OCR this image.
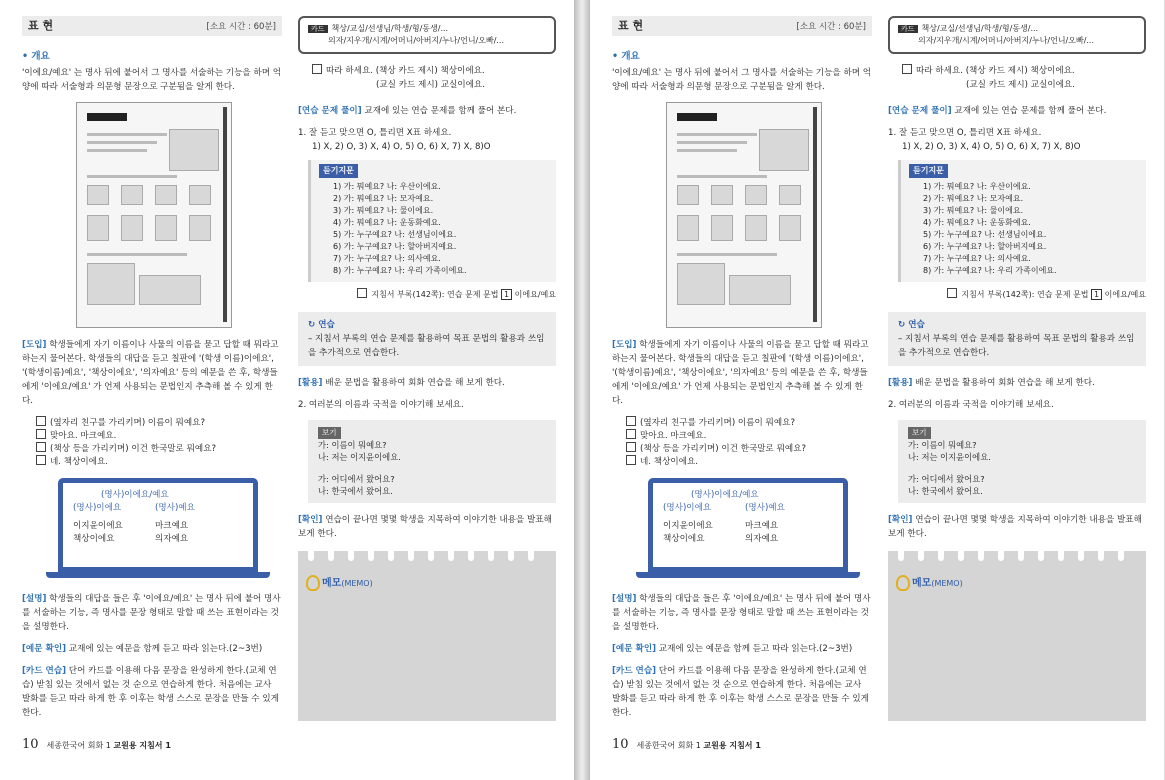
표 현	[소요 시간 : 60분]
• 개요

'이에요/예요' 는 명사 뒤에 붙어서 그 명사를 서술하는 기능을 하며 억양에 따라 서술형과 의문형 문장으로 구분됨을 알게 한다.

[도입] 학생들에게 자기 이름이나 사물의 이름을 묻고 답할 때 뭐라고 하는지 물어본다. 학생들의 대답을 듣고 칠판에 '(학생 이름)이에요', '(학생이름)예요', '책상이에요', '의자예요' 등의 예문을 쓴 후, 학생들에게 '이에요/예요' 가 언제 사용되는 문법인지 추측해 볼 수 있게 한다.

(옆자리 친구를 가리키며) 이름이 뭐예요?
맞아요. 마크예요.
(책상 등을 가리키며) 이건 한국말로 뭐예요?
네. 책상이에요.
(명사)이에요/예요
(명사)이에요	(명사)예요
이지윤이에요	마크예요
책상이에요	의자예요

[설명] 학생들의 대답을 들은 후 '이에요/예요' 는 명사 뒤에 붙어 명사를 서술하는 기능, 즉 명사를 문장 형태로 말할 때 쓰는 표현이라는 것을 설명한다.

[예문 확인] 교재에 있는 예문을 함께 듣고 따라 읽는다.(2~3번)

[카드 연습] 단어 카드를 이용해 다음 문장을 완성하게 한다.(교체 연습) 받침 있는 것에서 없는 것 순으로 연습하게 한다. 처음에는 교사 발화를 듣고 따라 하게 한 후 이후는 학생 스스로 문장을 만들 수 있게 한다.

카드 책상/교실/선생님/학생/형/동생/...
의자/지우개/시계/어머니/아버지/누나/언니/오빠/...
따라 하세요. (책상 카드 제시) 책상이에요.
(교실 카드 제시) 교실이에요.

[연습 문제 풀이] 교재에 있는 연습 문제를 함께 풀어 본다.

1. 잘 듣고 맞으면 O, 틀리면 X표 하세요.
1) X, 2) O, 3) X, 4) O, 5) O, 6) X, 7) X, 8)O
듣기지문
1) 가: 뭐예요? 나: 우산이에요.
2) 가: 뭐예요? 나: 모자예요.
3) 가: 뭐예요? 나: 물이에요.
4) 가: 뭐예요? 나: 운동화예요.
5) 가: 누구예요? 나: 선생님이에요.
6) 가: 누구예요? 나: 할아버지예요.
7) 가: 누구예요? 나: 의사예요.
8) 가: 누구예요? 나: 우리 가족이에요.
지침서 부록(142쪽): 연습 문제 문법 1 이에요/예요
↻ 연습
– 지침서 부록의 연습 문제를 활용하여 목표 문법의 활용과 쓰임을 추가적으로 연습한다.

[활용] 배운 문법을 활용하여 회화 연습을 해 보게 한다.

2. 여러분의 이름과 국적을 이야기해 보세요.
보기
가: 이름이 뭐예요?
나: 저는 이지윤이에요.
가: 어디에서 왔어요?
나: 한국에서 왔어요.

[확인] 연습이 끝나면 몇몇 학생을 지목하여 이야기한 내용을 발표해 보게 한다.

메모(MEMO)
10 세종한국어 회화 1 교원용 지침서 1
표 현	[소요 시간 : 60분]
• 개요

'이에요/예요' 는 명사 뒤에 붙어서 그 명사를 서술하는 기능을 하며 억양에 따라 서술형과 의문형 문장으로 구분됨을 알게 한다.

[도입] 학생들에게 자기 이름이나 사물의 이름을 묻고 답할 때 뭐라고 하는지 물어본다. 학생들의 대답을 듣고 칠판에 '(학생 이름)이에요', '(학생이름)예요', '책상이에요', '의자예요' 등의 예문을 쓴 후, 학생들에게 '이에요/예요' 가 언제 사용되는 문법인지 추측해 볼 수 있게 한다.

(옆자리 친구를 가리키며) 이름이 뭐예요?
맞아요. 마크예요.
(책상 등을 가리키며) 이건 한국말로 뭐예요?
네. 책상이에요.
(명사)이에요/예요
(명사)이에요	(명사)예요
이지윤이에요	마크예요
책상이에요	의자예요

[설명] 학생들의 대답을 들은 후 '이에요/예요' 는 명사 뒤에 붙어 명사를 서술하는 기능, 즉 명사를 문장 형태로 말할 때 쓰는 표현이라는 것을 설명한다.

[예문 확인] 교재에 있는 예문을 함께 듣고 따라 읽는다.(2~3번)

[카드 연습] 단어 카드를 이용해 다음 문장을 완성하게 한다.(교체 연습) 받침 있는 것에서 없는 것 순으로 연습하게 한다. 처음에는 교사 발화를 듣고 따라 하게 한 후 이후는 학생 스스로 문장을 만들 수 있게 한다.

카드 책상/교실/선생님/학생/형/동생/...
의자/지우개/시계/어머니/아버지/누나/언니/오빠/...
따라 하세요. (책상 카드 제시) 책상이에요.
(교실 카드 제시) 교실이에요.

[연습 문제 풀이] 교재에 있는 연습 문제를 함께 풀어 본다.

1. 잘 듣고 맞으면 O, 틀리면 X표 하세요.
1) X, 2) O, 3) X, 4) O, 5) O, 6) X, 7) X, 8)O
듣기지문
1) 가: 뭐예요? 나: 우산이에요.
2) 가: 뭐예요? 나: 모자예요.
3) 가: 뭐예요? 나: 물이에요.
4) 가: 뭐예요? 나: 운동화예요.
5) 가: 누구예요? 나: 선생님이에요.
6) 가: 누구예요? 나: 할아버지예요.
7) 가: 누구예요? 나: 의사예요.
8) 가: 누구예요? 나: 우리 가족이에요.
지침서 부록(142쪽): 연습 문제 문법 1 이에요/예요
↻ 연습
– 지침서 부록의 연습 문제를 활용하여 목표 문법의 활용과 쓰임을 추가적으로 연습한다.

[활용] 배운 문법을 활용하여 회화 연습을 해 보게 한다.

2. 여러분의 이름과 국적을 이야기해 보세요.
보기
가: 이름이 뭐예요?
나: 저는 이지윤이에요.
가: 어디에서 왔어요?
나: 한국에서 왔어요.

[확인] 연습이 끝나면 몇몇 학생을 지목하여 이야기한 내용을 발표해 보게 한다.

메모(MEMO)
10 세종한국어 회화 1 교원용 지침서 1
